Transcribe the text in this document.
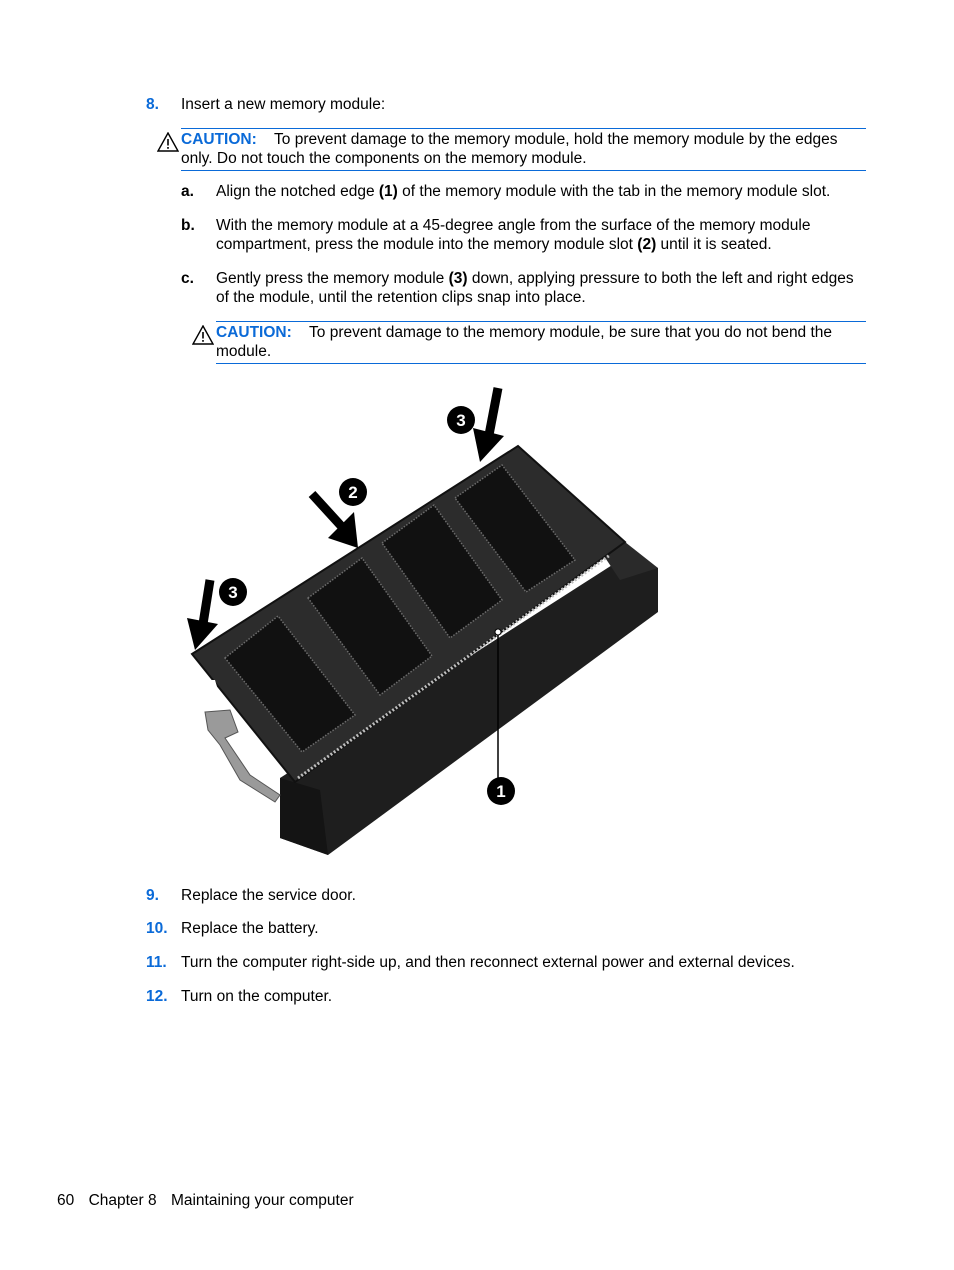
8. Insert a new memory module:
CAUTION: To prevent damage to the memory module, hold the memory module by the edges only. Do not touch the components on the memory module.
a. Align the notched edge (1) of the memory module with the tab in the memory module slot.
b. With the memory module at a 45-degree angle from the surface of the memory module compartment, press the module into the memory module slot (2) until it is seated.
c. Gently press the memory module (3) down, applying pressure to both the left and right edges of the module, until the retention clips snap into place.
CAUTION: To prevent damage to the memory module, be sure that you do not bend the module.
3
2
3
1
9. Replace the service door.
10. Replace the battery.
11. Turn the computer right-side up, and then reconnect external power and external devices.
12. Turn on the computer.
60 Chapter 8 Maintaining your computer
